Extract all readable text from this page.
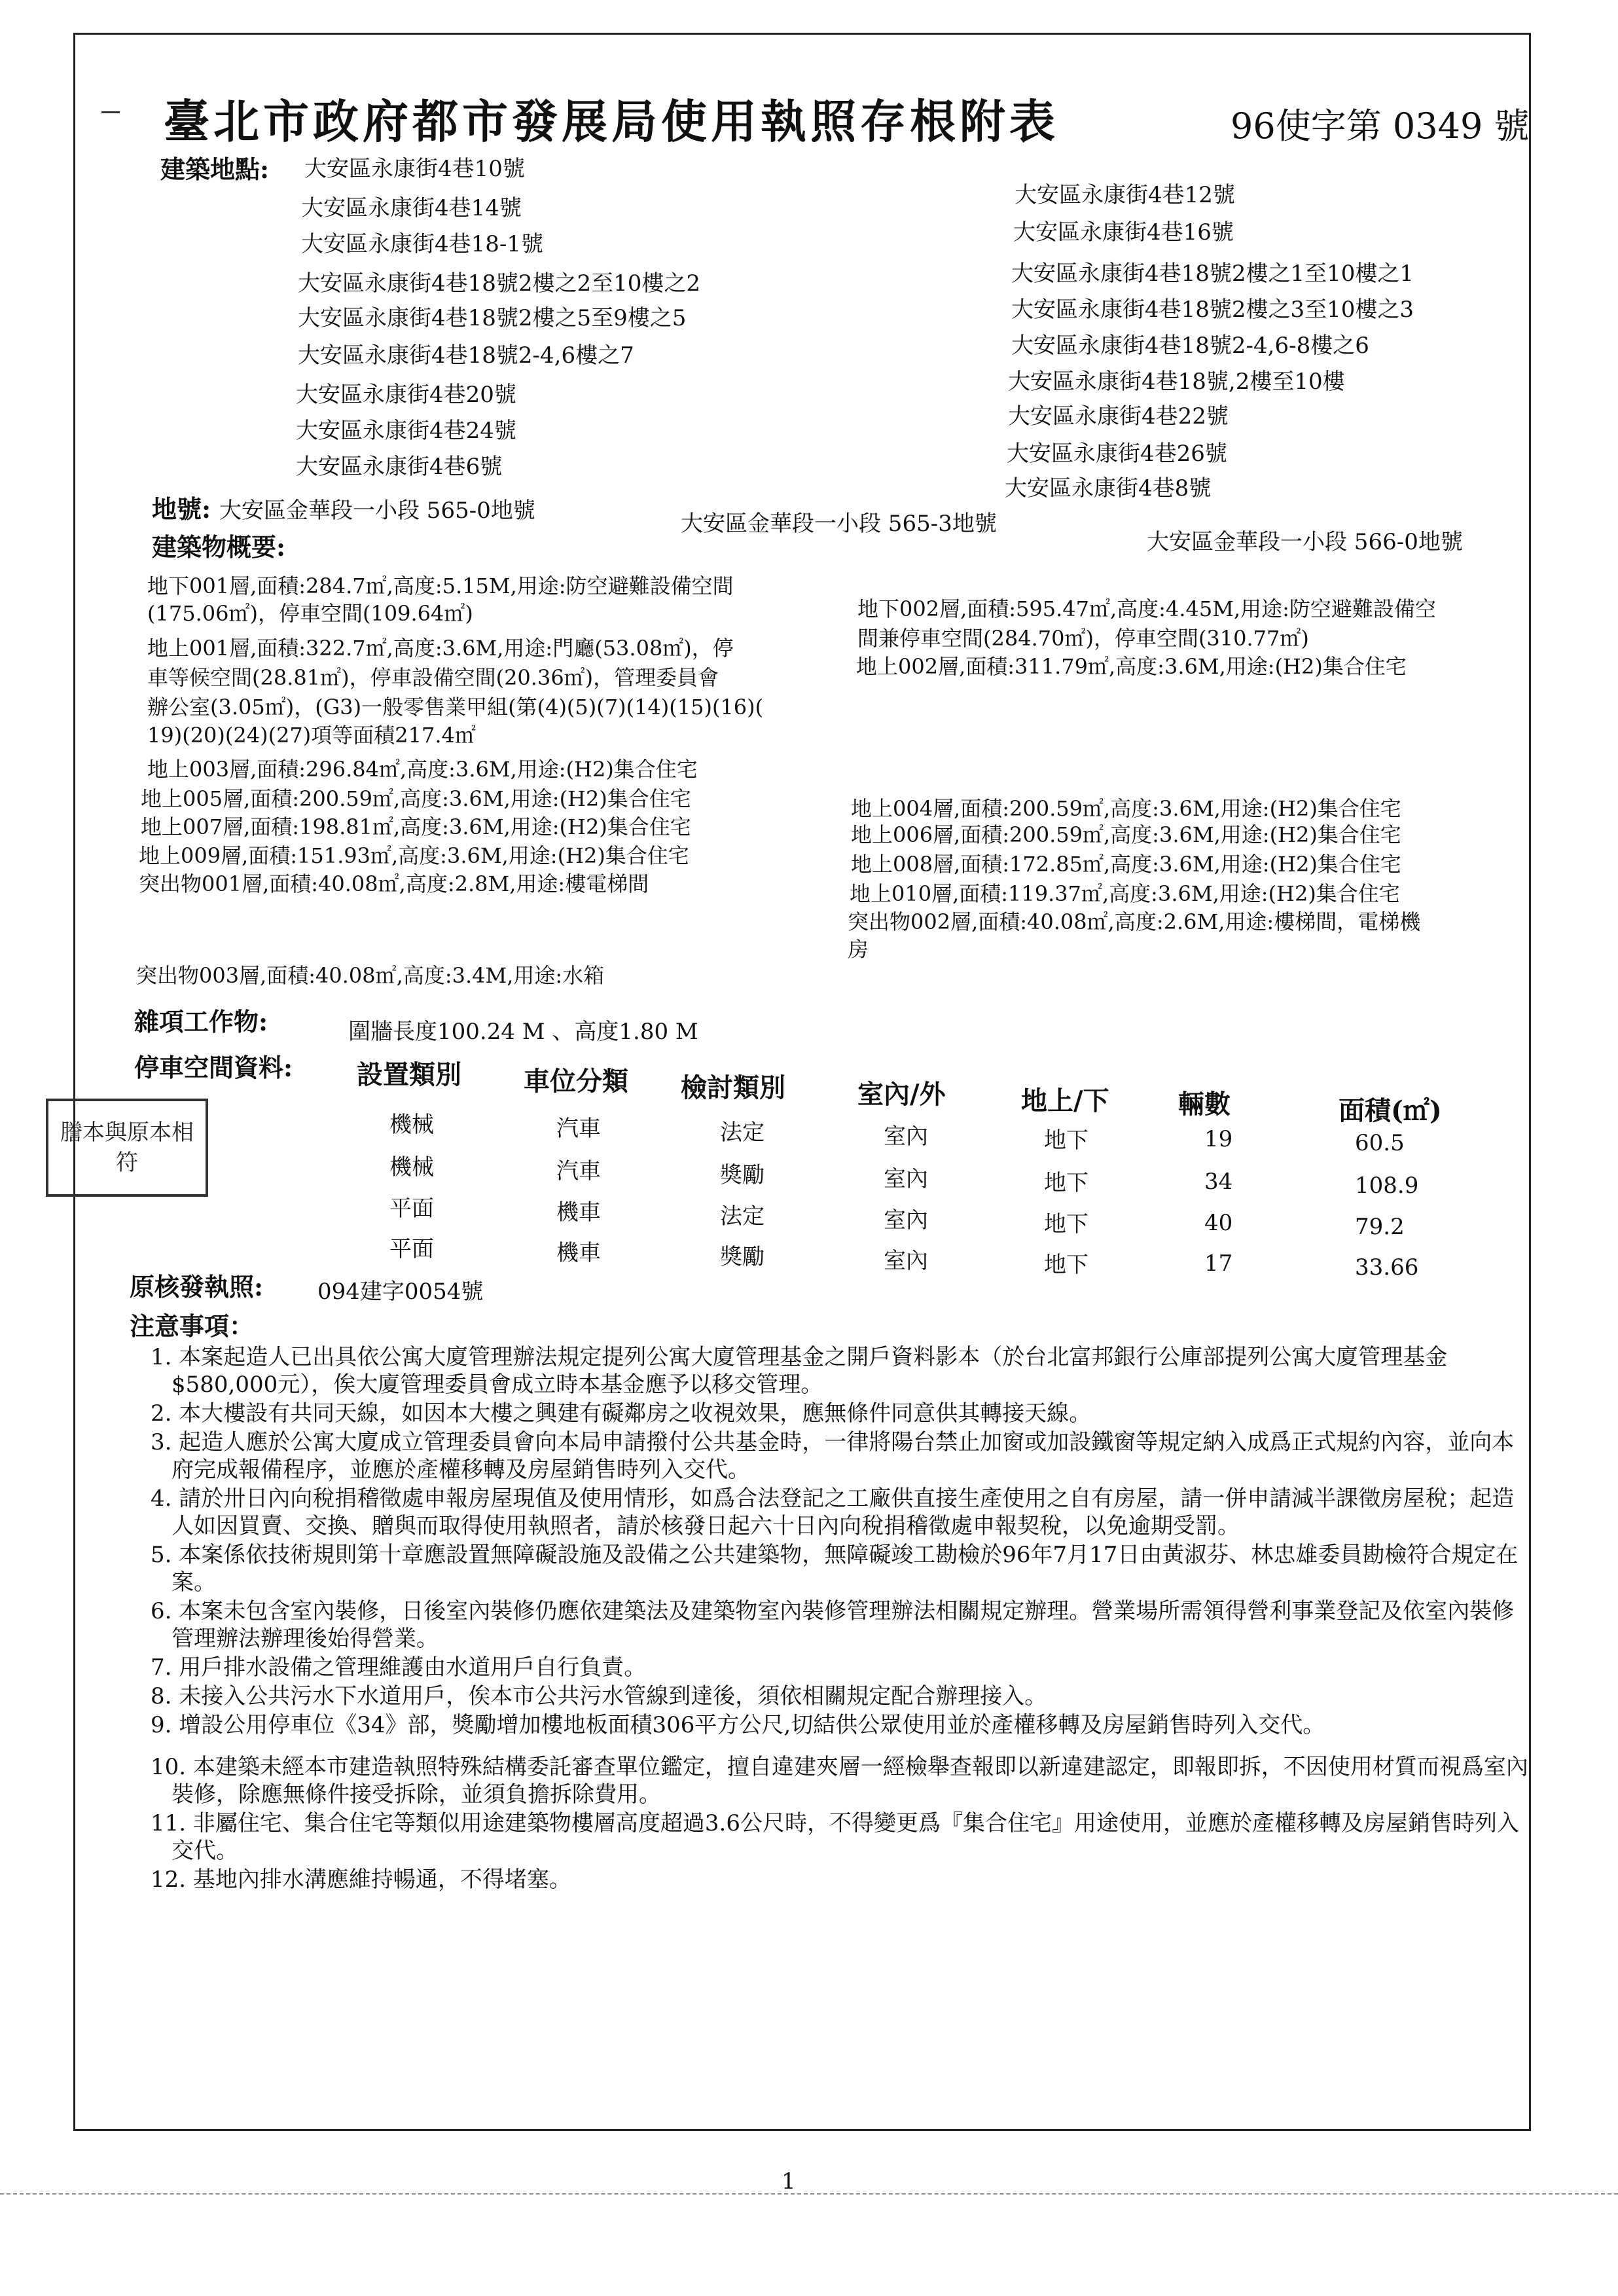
臺北市政府都市發展局使用執照存根附表	96使字第 0349 號
建築地點: 大安區永康街4巷10號
大安區永康街4巷14號
大安區永康街4巷18-1號
大安區永康街4巷18號2樓之2至10樓之2
大安區永康街4巷18號2樓之5至9樓之5
大安區永康街4巷18號2-4,6樓之7
大安區永康街4巷20號
大安區永康街4巷24號
大安區永康街4巷6號
大安區永康街4巷12號
大安區永康街4巷16號
大安區永康街4巷18號2樓之1至10樓之1
大安區永康街4巷18號2樓之3至10樓之3
大安區永康街4巷18號2-4,6-8樓之6
大安區永康街4巷18號,2樓至10樓
大安區永康街4巷22號
大安區永康街4巷26號
大安區永康街4巷8號
地號: 大安區金華段一小段 565-0地號	大安區金華段一小段 565-3地號
大安區金華段一小段 566-0地號
建築物概要:
地下001層,面積:284.7㎡,高度:5.15M,用途:防空避難設備空間
(175.06㎡)，停車空間(109.64㎡)
地上001層,面積:322.7㎡,高度:3.6M,用途:門廳(53.08㎡)，停
車等候空間(28.81㎡)，停車設備空間(20.36㎡)，管理委員會
辦公室(3.05㎡)，(G3)一般零售業甲組(第(4)(5)(7)(14)(15)(16)(
19)(20)(24)(27)項等面積217.4㎡
地上003層,面積:296.84㎡,高度:3.6M,用途:(H2)集合住宅
地上005層,面積:200.59㎡,高度:3.6M,用途:(H2)集合住宅
地上007層,面積:198.81㎡,高度:3.6M,用途:(H2)集合住宅
地上009層,面積:151.93㎡,高度:3.6M,用途:(H2)集合住宅
突出物001層,面積:40.08㎡,高度:2.8M,用途:樓電梯間
突出物003層,面積:40.08㎡,高度:3.4M,用途:水箱
地下002層,面積:595.47㎡,高度:4.45M,用途:防空避難設備空
間兼停車空間(284.70㎡)，停車空間(310.77㎡)
地上002層,面積:311.79㎡,高度:3.6M,用途:(H2)集合住宅
地上004層,面積:200.59㎡,高度:3.6M,用途:(H2)集合住宅
地上006層,面積:200.59㎡,高度:3.6M,用途:(H2)集合住宅
地上008層,面積:172.85㎡,高度:3.6M,用途:(H2)集合住宅
地上010層,面積:119.37㎡,高度:3.6M,用途:(H2)集合住宅
突出物002層,面積:40.08㎡,高度:2.6M,用途:樓梯間，電梯機
房
雜項工作物:	圍牆長度100.24 M 、高度1.80 M
停車空間資料: 設置類別 車位分類 檢討類別	室內/外	地上/下	輛數	面積(㎡)
機械	汽車	法定	室內	地下	19	60.5
機械	汽車	獎勵	室內	地下	34	108.9
平面	機車	法定	室內	地下	40	79.2
平面	機車	獎勵	室內	地下	17	33.66
謄本與原本相符
原核發執照: 094建字0054號
注意事項：
1. 本案起造人已出具依公寓大廈管理辦法規定提列公寓大廈管理基金之開戶資料影本（於台北富邦銀行公庫部提列公寓大廈管理基金$580,000元），俟大廈管理委員會成立時本基金應予以移交管理。
2. 本大樓設有共同天線，如因本大樓之興建有礙鄰房之收視效果，應無條件同意供其轉接天線。
3. 起造人應於公寓大廈成立管理委員會向本局申請撥付公共基金時，一律將陽台禁止加窗或加設鐵窗等規定納入成爲正式規約內容，並向本府完成報備程序，並應於產權移轉及房屋銷售時列入交代。
4. 請於卅日內向稅捐稽徵處申報房屋現值及使用情形，如爲合法登記之工廠供直接生產使用之自有房屋，請一併申請減半課徵房屋稅；起造人如因買賣、交換、贈與而取得使用執照者，請於核發日起六十日內向稅捐稽徵處申報契稅，以免逾期受罰。
5. 本案係依技術規則第十章應設置無障礙設施及設備之公共建築物，無障礙竣工勘檢於96年7月17日由黃淑芬、林忠雄委員勘檢符合規定在案。
6. 本案未包含室內裝修，日後室內裝修仍應依建築法及建築物室內裝修管理辦法相關規定辦理。營業場所需領得營利事業登記及依室內裝修管理辦法辦理後始得營業。
7. 用戶排水設備之管理維護由水道用戶自行負責。
8. 未接入公共污水下水道用戶，俟本市公共污水管線到達後，須依相關規定配合辦理接入。
9. 增設公用停車位《34》部，獎勵增加樓地板面積306平方公尺,切結供公眾使用並於產權移轉及房屋銷售時列入交代。
10. 本建築未經本市建造執照特殊結構委託審查單位鑑定，擅自違建夾層一經檢舉查報即以新違建認定，即報即拆，不因使用材質而視爲室內裝修，除應無條件接受拆除，並須負擔拆除費用。
11. 非屬住宅、集合住宅等類似用途建築物樓層高度超過3.6公尺時，不得變更爲『集合住宅』用途使用，並應於產權移轉及房屋銷售時列入交代。
12. 基地內排水溝應維持暢通，不得堵塞。
1
